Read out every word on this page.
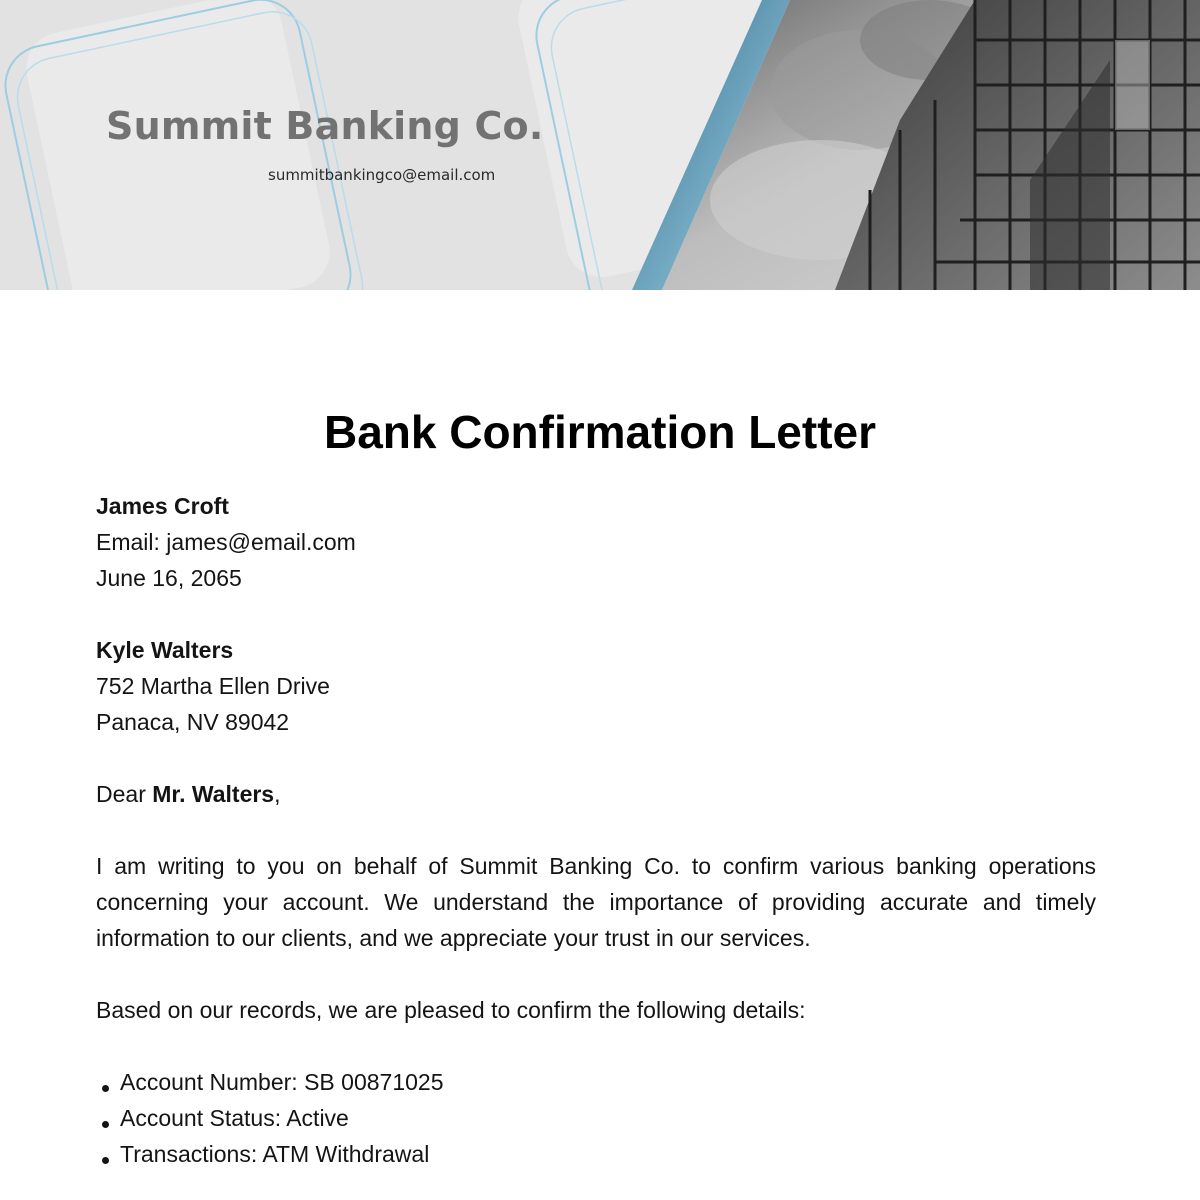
Summit Banking Co.
summitbankingco@email.com
Bank Confirmation Letter
James Croft
Email: james@email.com
June 16, 2065
Kyle Walters
752 Martha Ellen Drive
Panaca, NV 89042
Dear Mr. Walters,
I am writing to you on behalf of Summit Banking Co. to confirm various banking operations concerning your account. We understand the importance of providing accurate and timely information to our clients, and we appreciate your trust in our services.
Based on our records, we are pleased to confirm the following details:
Account Number: SB 00871025
Account Status: Active
Transactions: ATM Withdrawal
